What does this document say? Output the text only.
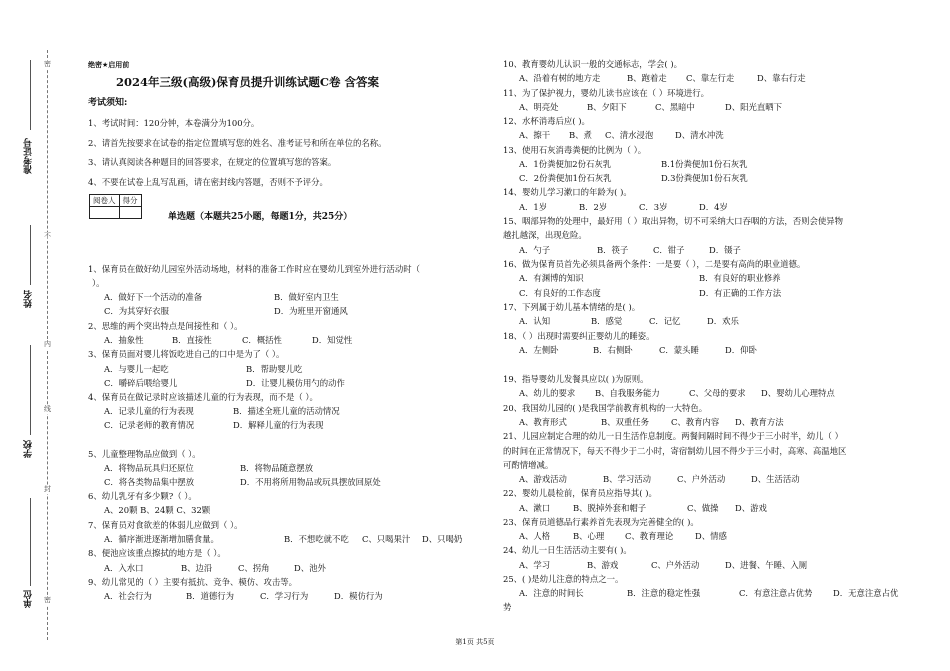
准考证号
姓名
学校
单位
密
不
内
线
封
密
绝密★启用前
2024年三级(高级)保育员提升训练试题C卷 含答案
考试须知:
1、考试时间：120分钟，本卷满分为100分。
2、请首先按要求在试卷的指定位置填写您的姓名、准考证号和所在单位的名称。
3、请认真阅读各种题目的回答要求，在规定的位置填写您的答案。
4、不要在试卷上乱写乱画，请在密封线内答题，否则不予评分。
阅卷人	得分

单选题（本题共25小题，每题1分，共25分）
1、保育员在做好幼儿园室外活动场地，材料的准备工作时应在婴幼儿到室外进行活动时（
）。
A．做好下一个活动的准备	B．做好室内卫生
C．为其穿好衣服	D．为班里开窗通风
2、思维的两个突出特点是间接性和（ ）。
A．抽象性	B．直接性	C．概括性	D．知觉性
3、保育员面对婴儿将饭吃进自己的口中是为了（ ）。
A．与婴儿一起吃	B．帮助婴儿吃
C．嚼碎后喂给婴儿	D．让婴儿模仿用勺的动作
4、保育员在做记录时应该描述儿童的行为表现，而不是（ ）。
A．记录儿童的行为表现	B．描述全班儿童的活动情况
C．记录老师的教育情况	D．解释儿童的行为表现
5、儿童整理物品应做到（ ）。
A．将物品玩具归还原位	B．将物品随意摆放
C．将各类物品集中摆放	D．不用将所用物品或玩具摆放回原处
6、幼儿乳牙有多少颗?（ ）。
A、20颗 B、24颗 C、32颗
7、保育员对食欲差的体弱儿应做到（ ）。
A．循序渐进逐渐增加膳食量。	B．不想吃就不吃 C、只喝果汁 D、只喝奶
8、便池应该重点擦拭的地方是（ ）。
A．入水口	B、边沿	C、拐角	D、池外
9、幼儿常见的（ ）主要有抵抗、竞争、模仿、攻击等。
A．社会行为	B．道德行为	C．学习行为	D．模仿行为
10、教育婴幼儿认识一般的交通标志，学会( )。
A、沿着有树的地方走	B、跑着走 C、靠左行走	D、靠右行走
11、为了保护视力，婴幼儿读书应该在（ ）环境进行。
A、明亮处	B、夕阳下	C、黑暗中	D、阳光直晒下
12、水杯消毒后应( )。
A、擦干 B、煮 C、清水浸泡	D、清水冲洗
13、使用石灰消毒粪便的比例为（ ）。
A．1份粪便加2份石灰乳	B.1份粪便加1份石灰乳
C．2份粪便加1份石灰乳	D.3份粪便加1份石灰乳
14、婴幼儿学习漱口的年龄为( )。
A．1岁	B．2岁	C．3岁	D．4岁
15、咽部异物的处理中，最好用（ ）取出异物，切不可采纳大口吞咽的方法，否则会使异物
越扎越深，出现危险。
A．勺子	B．筷子	C．钳子	D．镊子
16、做为保育员首先必须具备两个条件：一是要（ ），二是要有高尚的职业道德。
A．有渊博的知识	B．有良好的职业修养
C．有良好的工作态度	D．有正确的工作方法
17、下列属于幼儿基本情绪的是( )。
A．认知	B．感觉	C．记忆	D．欢乐
18、（ ）出现时需要纠正婴幼儿的睡姿。
A．左侧卧	B．右侧卧	C．蒙头睡	D．仰卧
19、指导婴幼儿发餐具应以( )为原则。
A、幼儿的要求 B、自我服务能力	C、父母的要求 D、婴幼儿心理特点
20、我国幼儿园的( )是我国学前教育机构的一大特色。
A、教育形式	B、双重任务	C、教育内容 D、教育方法
21、儿园应制定合理的幼儿一日生活作息制度。两餐间隔时间不得少于三小时半，幼儿（ ）
的时间在正常情况下，每天不得少于二小时，寄宿制幼儿园不得少于三小时，高寒、高温地区
可酌情增减。
A、游戏活动	B、学习活动	C、户外活动	D、生活活动
22、婴幼儿晨检前，保育员应指导其( )。
A、漱口	B、脱掉外套和帽子	C、做操 D、游戏
23、保育员道德品行素养首先表现为完善健全的( )。
A、人格	B、心理 C、教育理论	D、情感
24、幼儿一日生活活动主要有( )。
A、学习	B、游戏	C、户外活动	D、进餐、午睡、入厕
25、( )是幼儿注意的特点之一。
A．注意的时间长	B．注意的稳定性强	C．有意注意占优势 D．无意注意占优
势
第1页 共5页
